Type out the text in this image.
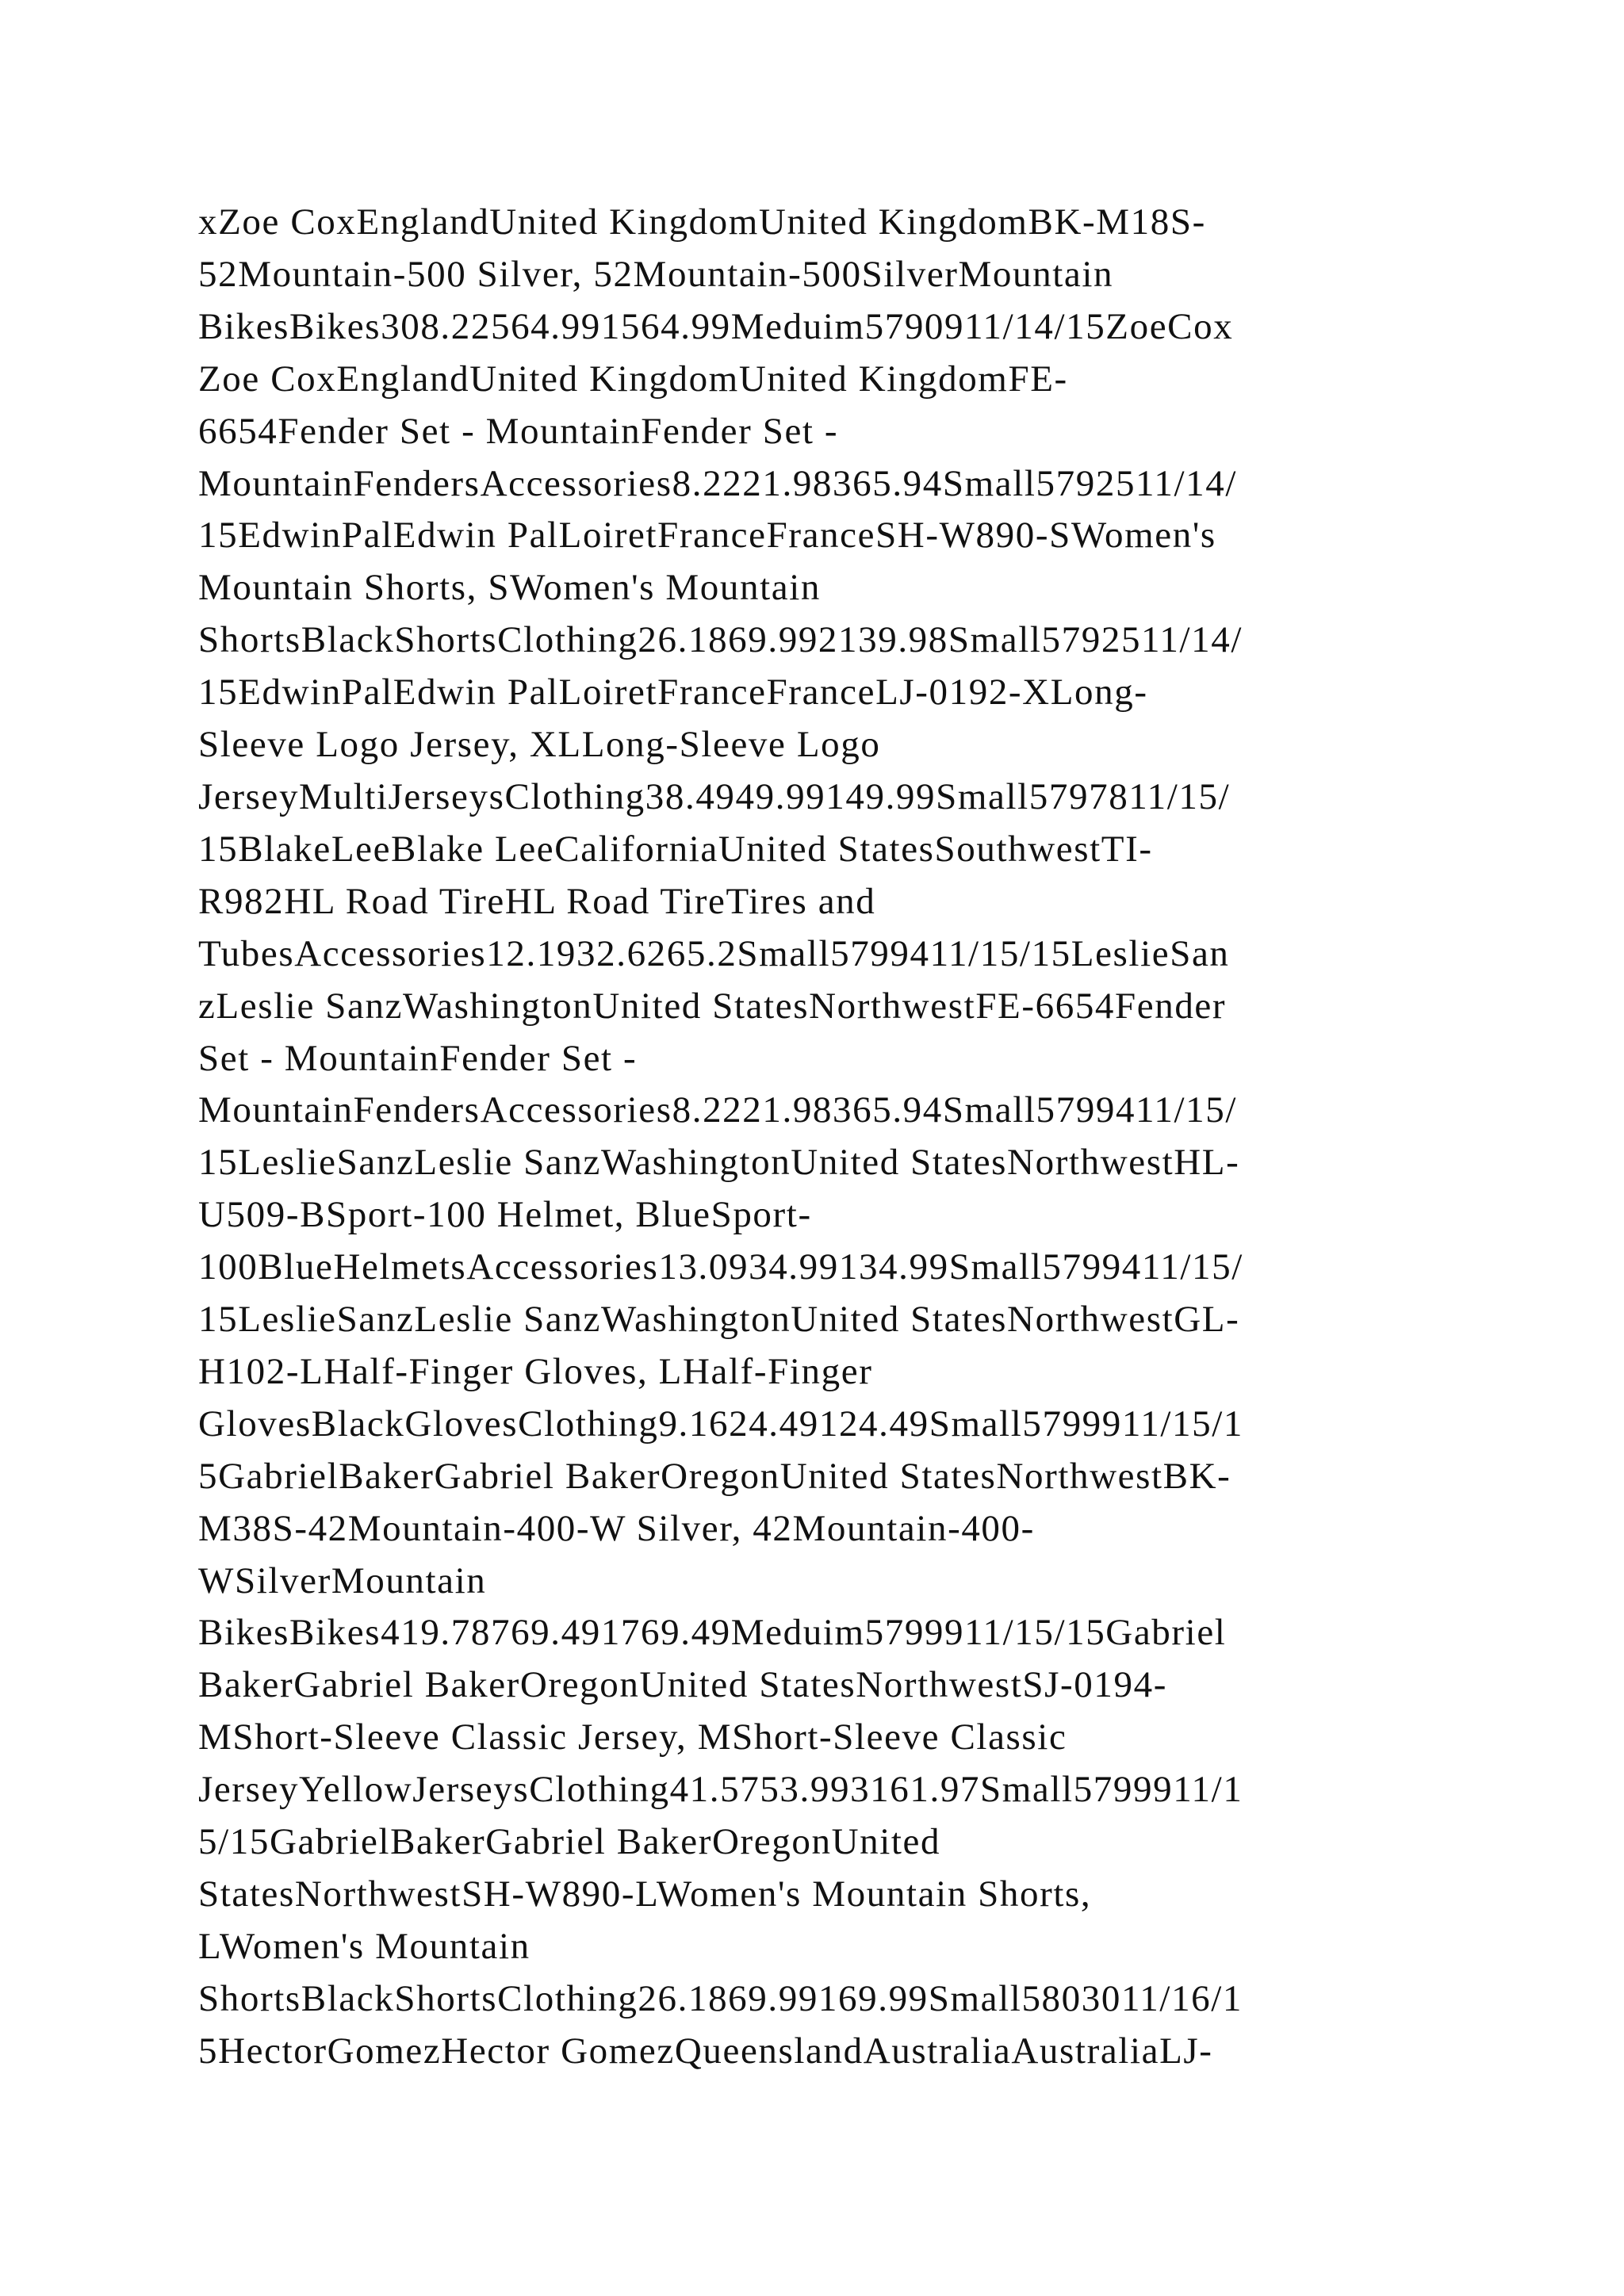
xZoe CoxEnglandUnited KingdomUnited KingdomBK-M18S-
52Mountain-500 Silver, 52Mountain-500SilverMountain
BikesBikes308.22564.991564.99Meduim5790911/14/15ZoeCox
Zoe CoxEnglandUnited KingdomUnited KingdomFE-
6654Fender Set - MountainFender Set -
MountainFendersAccessories8.2221.98365.94Small5792511/14/
15EdwinPalEdwin PalLoiretFranceFranceSH-W890-SWomen's
Mountain Shorts, SWomen's Mountain
ShortsBlackShortsClothing26.1869.992139.98Small5792511/14/
15EdwinPalEdwin PalLoiretFranceFranceLJ-0192-XLong-
Sleeve Logo Jersey, XLLong-Sleeve Logo
JerseyMultiJerseysClothing38.4949.99149.99Small5797811/15/
15BlakeLeeBlake LeeCaliforniaUnited StatesSouthwestTI-
R982HL Road TireHL Road TireTires and
TubesAccessories12.1932.6265.2Small5799411/15/15LeslieSan
zLeslie SanzWashingtonUnited StatesNorthwestFE-6654Fender
Set - MountainFender Set -
MountainFendersAccessories8.2221.98365.94Small5799411/15/
15LeslieSanzLeslie SanzWashingtonUnited StatesNorthwestHL-
U509-BSport-100 Helmet, BlueSport-
100BlueHelmetsAccessories13.0934.99134.99Small5799411/15/
15LeslieSanzLeslie SanzWashingtonUnited StatesNorthwestGL-
H102-LHalf-Finger Gloves, LHalf-Finger
GlovesBlackGlovesClothing9.1624.49124.49Small5799911/15/1
5GabrielBakerGabriel BakerOregonUnited StatesNorthwestBK-
M38S-42Mountain-400-W Silver, 42Mountain-400-
WSilverMountain
BikesBikes419.78769.491769.49Meduim5799911/15/15Gabriel
BakerGabriel BakerOregonUnited StatesNorthwestSJ-0194-
MShort-Sleeve Classic Jersey, MShort-Sleeve Classic
JerseyYellowJerseysClothing41.5753.993161.97Small5799911/1
5/15GabrielBakerGabriel BakerOregonUnited
StatesNorthwestSH-W890-LWomen's Mountain Shorts,
LWomen's Mountain
ShortsBlackShortsClothing26.1869.99169.99Small5803011/16/1
5HectorGomezHector GomezQueenslandAustraliaAustraliaLJ-
